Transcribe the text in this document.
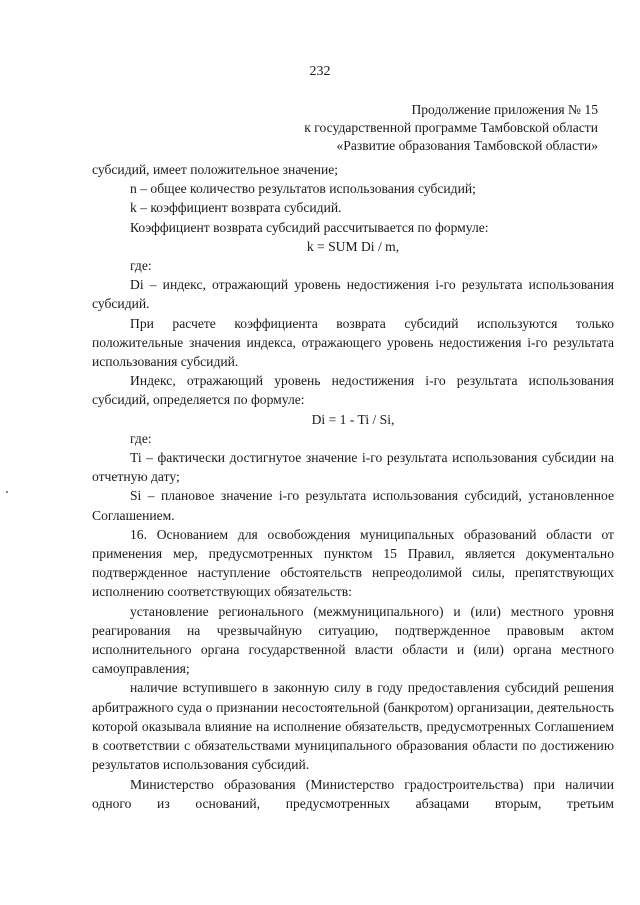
232
Продолжение приложения № 15
к государственной программе Тамбовской области
«Развитие образования Тамбовской области»

субсидий, имеет положительное значение;

n – общее количество результатов использования субсидий;

k – коэффициент возврата субсидий.

Коэффициент возврата субсидий рассчитывается по формуле:

k = SUM Di / m,

где:

Di – индекс, отражающий уровень недостижения i-го результата использования субсидий.

При расчете коэффициента возврата субсидий используются только положительные значения индекса, отражающего уровень недостижения i-го результата использования субсидий.

Индекс, отражающий уровень недостижения i-го результата использования субсидий, определяется по формуле:

Di = 1 - Ti / Si,

где:

Ti – фактически достигнутое значение i-го результата использования субсидии на отчетную дату;

Si – плановое значение i-го результата использования субсидий, установленное Соглашением.

16. Основанием для освобождения муниципальных образований области от применения мер, предусмотренных пунктом 15 Правил, является документально подтвержденное наступление обстоятельств непреодолимой силы, препятствующих исполнению соответствующих обязательств:

установление регионального (межмуниципального) и (или) местного уровня реагирования на чрезвычайную ситуацию, подтвержденное правовым актом исполнительного органа государственной власти области и (или) органа местного самоуправления;

наличие вступившего в законную силу в году предоставления субсидий решения арбитражного суда о признании несостоятельной (банкротом) организации, деятельность которой оказывала влияние на исполнение обязательств, предусмотренных Соглашением в соответствии с обязательствами муниципального образования области по достижению результатов использования субсидий.

Министерство образования (Министерство градостроительства) при наличии одного из оснований, предусмотренных абзацами вторым, третьим
